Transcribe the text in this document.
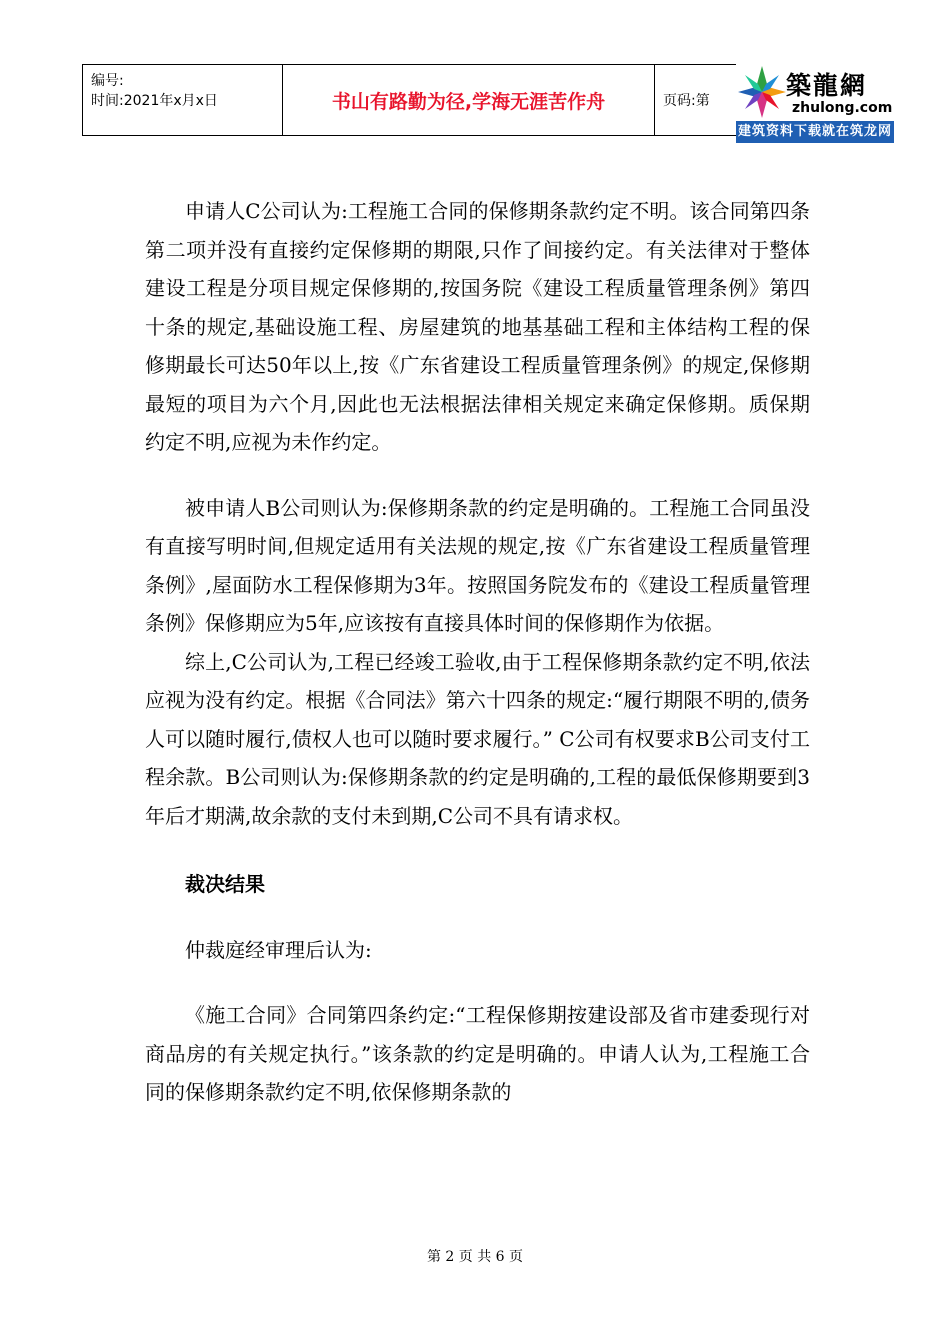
编号:
时间:2021年x月x日	书山有路勤为径,学海无涯苦作舟	页码:第
築龍網
zhulong.com
建筑资料下载就在筑龙网

申请人C公司认为:工程施工合同的保修期条款约定不明。该合同第四条第二项并没有直接约定保修期的期限,只作了间接约定。有关法律对于整体建设工程是分项目规定保修期的,按国务院《建设工程质量管理条例》第四十条的规定,基础设施工程、房屋建筑的地基基础工程和主体结构工程的保修期最长可达50年以上,按《广东省建设工程质量管理条例》的规定,保修期最短的项目为六个月,因此也无法根据法律相关规定来确定保修期。质保期约定不明,应视为未作约定。

被申请人B公司则认为:保修期条款的约定是明确的。工程施工合同虽没有直接写明时间,但规定适用有关法规的规定,按《广东省建设工程质量管理条例》,屋面防水工程保修期为3年。按照国务院发布的《建设工程质量管理条例》保修期应为5年,应该按有直接具体时间的保修期作为依据。

综上,C公司认为,工程已经竣工验收,由于工程保修期条款约定不明,依法应视为没有约定。根据《合同法》第六十四条的规定:“履行期限不明的,债务人可以随时履行,债权人也可以随时要求履行。” C公司有权要求B公司支付工程余款。B公司则认为:保修期条款的约定是明确的,工程的最低保修期要到3年后才期满,故余款的支付未到期,C公司不具有请求权。

裁决结果

仲裁庭经审理后认为:

《施工合同》合同第四条约定:“工程保修期按建设部及省市建委现行对商品房的有关规定执行。”该条款的约定是明确的。申请人认为,工程施工合同的保修期条款约定不明,依保修期条款的

第 2 页 共 6 页
